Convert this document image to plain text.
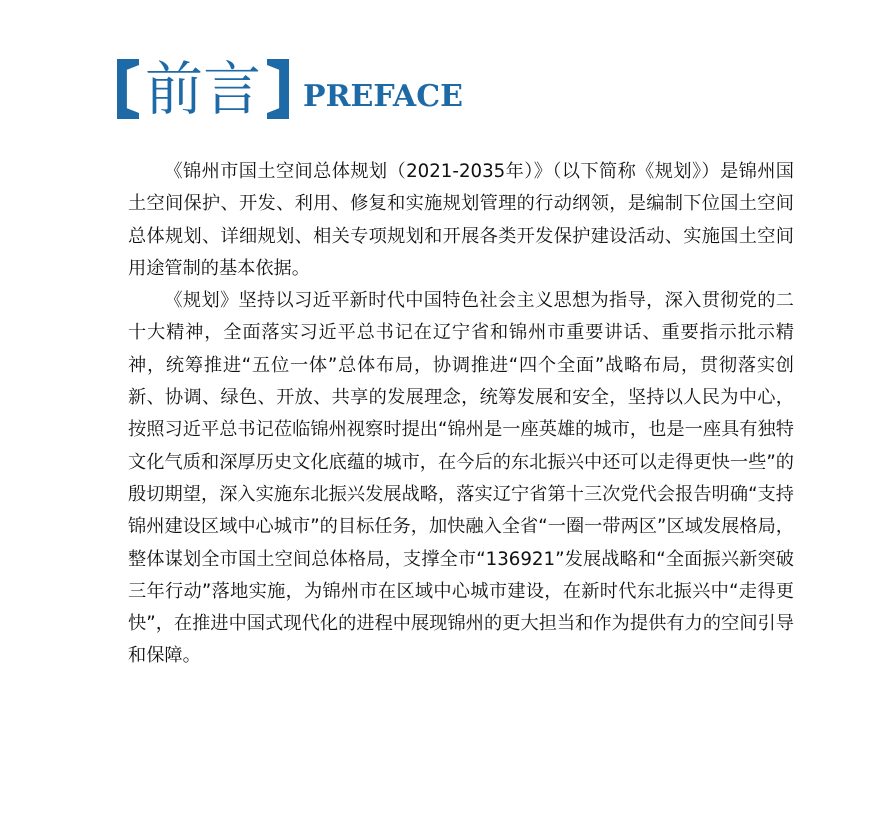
前言 PREFACE

《锦州市国土空间总体规划（2021-2035年）》（以下简称《规划》）是锦州国土空间保护、开发、利用、修复和实施规划管理的行动纲领，是编制下位国土空间总体规划、详细规划、相关专项规划和开展各类开发保护建设活动、实施国土空间用途管制的基本依据。

《规划》坚持以习近平新时代中国特色社会主义思想为指导，深入贯彻党的二十大精神，全面落实习近平总书记在辽宁省和锦州市重要讲话、重要指示批示精神，统筹推进“五位一体”总体布局，协调推进“四个全面”战略布局，贯彻落实创新、协调、绿色、开放、共享的发展理念，统筹发展和安全，坚持以人民为中心，按照习近平总书记莅临锦州视察时提出“锦州是一座英雄的城市，也是一座具有独特文化气质和深厚历史文化底蕴的城市，在今后的东北振兴中还可以走得更快一些”的殷切期望，深入实施东北振兴发展战略，落实辽宁省第十三次党代会报告明确“支持锦州建设区域中心城市”的目标任务，加快融入全省“一圈一带两区”区域发展格局，整体谋划全市国土空间总体格局，支撑全市“136921”发展战略和“全面振兴新突破三年行动”落地实施，为锦州市在区域中心城市建设，在新时代东北振兴中“走得更快”，在推进中国式现代化的进程中展现锦州的更大担当和作为提供有力的空间引导和保障。
